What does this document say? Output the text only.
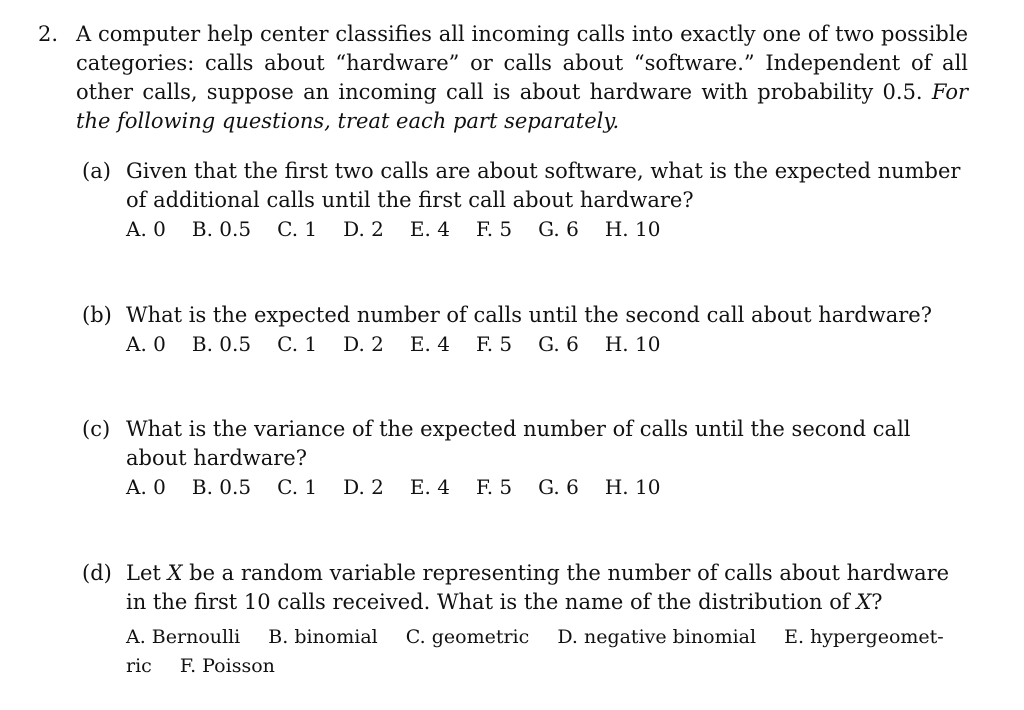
2. A computer help center classifies all incoming calls into exactly one of two possible categories: calls about “hardware” or calls about “software.” Independent of all other calls, suppose an incoming call is about hardware with probability 0.5. For the following questions, treat each part separately.
(a) Given that the first two calls are about software, what is the expected number of additional calls until the first call about hardware?
A. 0 B. 0.5 C. 1 D. 2 E. 4 F. 5 G. 6 H. 10
(b) What is the expected number of calls until the second call about hardware?
A. 0 B. 0.5 C. 1 D. 2 E. 4 F. 5 G. 6 H. 10
(c) What is the variance of the expected number of calls until the second call about hardware?
A. 0 B. 0.5 C. 1 D. 2 E. 4 F. 5 G. 6 H. 10
(d) Let X be a random variable representing the number of calls about hardware in the first 10 calls received. What is the name of the distribution of X?
A. Bernoulli B. binomial C. geometric D. negative binomial E. hypergeomet-ric F. Poisson
